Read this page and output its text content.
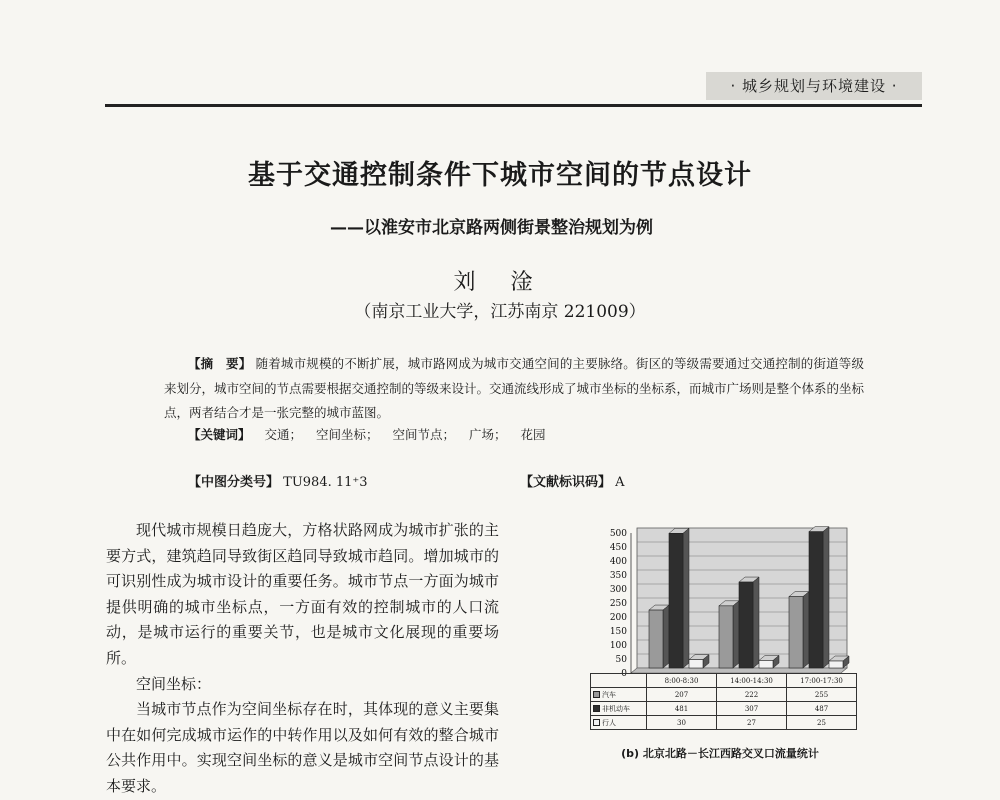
· 城乡规划与环境建设 ·
基于交通控制条件下城市空间的节点设计
——以淮安市北京路两侧街景整治规划为例
刘 淦
（南京工业大学，江苏南京 221009）
【摘　要】 随着城市规模的不断扩展，城市路网成为城市交通空间的主要脉络。街区的等级需要通过交通控制的街道等级来划分，城市空间的节点需要根据交通控制的等级来设计。交通流线形成了城市坐标的坐标系，而城市广场则是整个体系的坐标点，两者结合才是一张完整的城市蓝图。
【关键词】 交通； 空间坐标； 空间节点； 广场； 花园
【中图分类号】 TU984. 11⁺3	【文献标识码】 A

现代城市规模日趋庞大，方格状路网成为城市扩张的主要方式，建筑趋同导致街区趋同导致城市趋同。增加城市的可识别性成为城市设计的重要任务。城市节点一方面为城市提供明确的城市坐标点，一方面有效的控制城市的人口流动，是城市运行的重要关节，也是城市文化展现的重要场所。

空间坐标：

当城市节点作为空间坐标存在时，其体现的意义主要集中在如何完成城市运作的中转作用以及如何有效的整合城市公共作用中。实现空间坐标的意义是城市空间节点设计的基本要求。

0
50
100
150
200
250
300
350
400
450
500
	8:00-8:30	14:00-14:30	17:00-17:30
汽车	207	222	255
非机动车	481	307	487
行人	30	27	25
(b) 北京北路－长江西路交叉口流量统计
